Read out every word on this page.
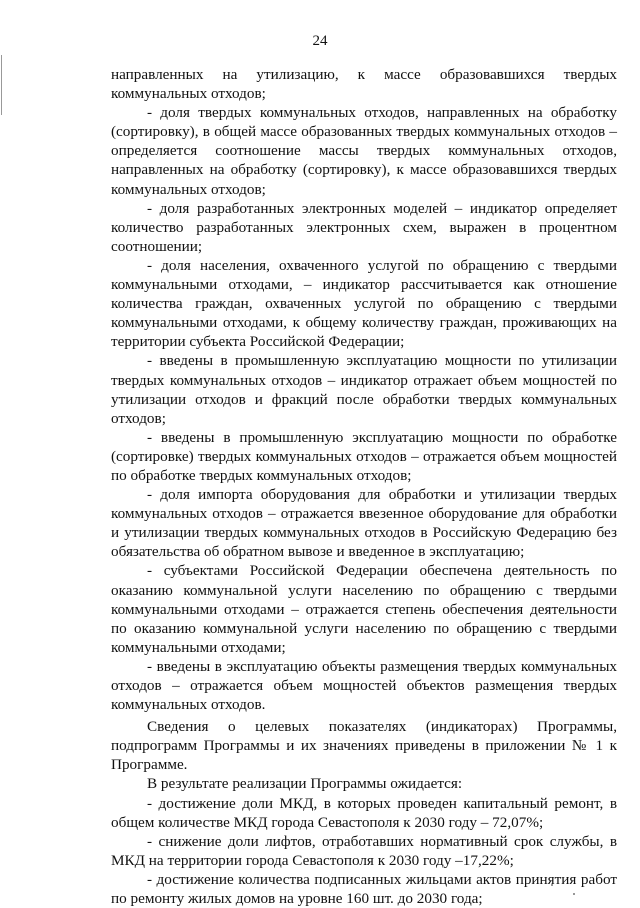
24

направленных на утилизацию, к массе образовавшихся твердых коммунальных отходов;

- доля твердых коммунальных отходов, направленных на обработку (сортировку), в общей массе образованных твердых коммунальных отходов – определяется соотношение массы твердых коммунальных отходов, направленных на обработку (сортировку), к массе образовавшихся твердых коммунальных отходов;

- доля разработанных электронных моделей – индикатор определяет количество разработанных электронных схем, выражен в процентном соотношении;

- доля населения, охваченного услугой по обращению с твердыми коммунальными отходами, – индикатор рассчитывается как отношение количества граждан, охваченных услугой по обращению с твердыми коммунальными отходами, к общему количеству граждан, проживающих на территории субъекта Российской Федерации;

- введены в промышленную эксплуатацию мощности по утилизации твердых коммунальных отходов – индикатор отражает объем мощностей по утилизации отходов и фракций после обработки твердых коммунальных отходов;

- введены в промышленную эксплуатацию мощности по обработке (сортировке) твердых коммунальных отходов – отражается объем мощностей по обработке твердых коммунальных отходов;

- доля импорта оборудования для обработки и утилизации твердых коммунальных отходов – отражается ввезенное оборудование для обработки и утилизации твердых коммунальных отходов в Российскую Федерацию без обязательства об обратном вывозе и введенное в эксплуатацию;

- субъектами Российской Федерации обеспечена деятельность по оказанию коммунальной услуги населению по обращению с твердыми коммунальными отходами – отражается степень обеспечения деятельности по оказанию коммунальной услуги населению по обращению с твердыми коммунальными отходами;

- введены в эксплуатацию объекты размещения твердых коммунальных отходов – отражается объем мощностей объектов размещения твердых коммунальных отходов.

Сведения о целевых показателях (индикаторах) Программы, подпрограмм Программы и их значениях приведены в приложении № 1 к Программе.

В результате реализации Программы ожидается:

- достижение доли МКД, в которых проведен капитальный ремонт, в общем количестве МКД города Севастополя к 2030 году – 72,07%;

- снижение доли лифтов, отработавших нормативный срок службы, в МКД на территории города Севастополя к 2030 году –17,22%;

- достижение количества подписанных жильцами актов принятия работ по ремонту жилых домов на уровне 160 шт. до 2030 года;
